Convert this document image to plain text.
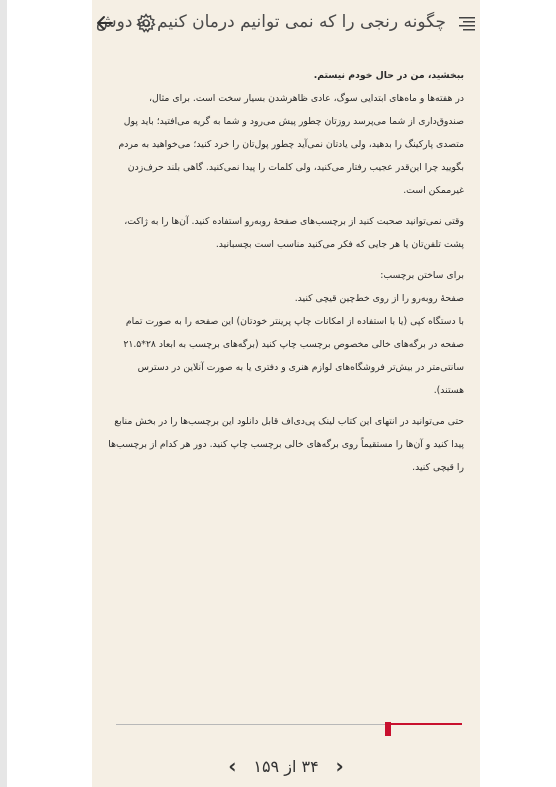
چگونه رنجی را که نمی توانیم درمان کنیم به دوش

ببخشید، من در حال خودم نیستم.

در هفته‌ها و ماه‌های ابتدایی سوگ، عادی ظاهرشدن بسیار سخت است. برای مثال، صندوق‌داری از شما می‌پرسد روزتان چطور پیش می‌رود و شما به گریه می‌افتید؛ باید پول متصدی پارکینگ را بدهید، ولی یادتان نمی‌آید چطور پول‌تان را خرد کنید؛ می‌خواهید به مردم بگویید چرا این‌قدر عجیب رفتار می‌کنید، ولی کلمات را پیدا نمی‌کنید. گاهی بلند حرف‌زدن غیرممکن است.

وقتی نمی‌توانید صحبت کنید از برچسب‌های صفحهٔ روبه‌رو استفاده کنید. آن‌ها را به ژاکت، پشت تلفن‌تان یا هر جایی که فکر می‌کنید مناسب است بچسبانید.

برای ساختن برچسب:

صفحهٔ روبه‌رو را از روی خط‌چین قیچی کنید.

با دستگاه کپی (یا با استفاده از امکانات چاپ پرینتر خودتان) این صفحه را به صورت تمام صفحه در برگه‌های خالی مخصوص برچسب چاپ کنید (برگه‌های برچسب به ابعاد ۲۸*۲۱.۵ سانتی‌متر در بیش‌تر فروشگاه‌های لوازم هنری و دفتری یا به صورت آنلاین در دسترس هستند).

حتی می‌توانید در انتهای این کتاب لینک پی‌دی‌اف قابل دانلود این برچسب‌ها را در بخش منابع پیدا کنید و آن‌ها را مستقیماً روی برگه‌های خالی برچسب چاپ کنید. دور هر کدام از برچسب‌ها را قیچی کنید.

‹	۳۴ از ۱۵۹ ›
